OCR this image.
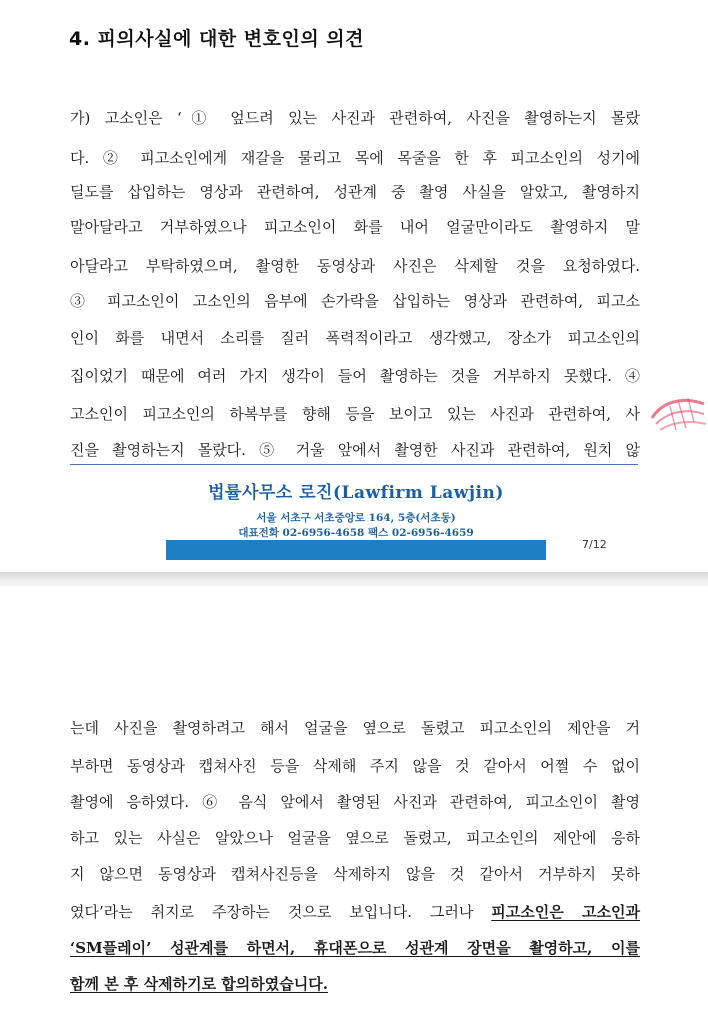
4. 피의사실에 대한 변호인의 의견
가) 고소인은 ‘① 엎드려 있는 사진과 관련하여, 사진을 촬영하는지 몰랐
다. ② 피고소인에게 재갈을 물리고 목에 목줄을 한 후 피고소인의 성기에
딜도를 삽입하는 영상과 관련하여, 성관계 중 촬영 사실을 알았고, 촬영하지
말아달라고 거부하였으나 피고소인이 화를 내어 얼굴만이라도 촬영하지 말
아달라고 부탁하였으며, 촬영한 동영상과 사진은 삭제할 것을 요청하였다.
③ 피고소인이 고소인의 음부에 손가락을 삽입하는 영상과 관련하여, 피고소
인이 화를 내면서 소리를 질러 폭력적이라고 생각했고, 장소가 피고소인의
집이었기 때문에 여러 가지 생각이 들어 촬영하는 것을 거부하지 못했다. ④
고소인이 피고소인의 하복부를 향해 등을 보이고 있는 사진과 관련하여, 사
진을 촬영하는지 몰랐다. ⑤ 거울 앞에서 촬영한 사진과 관련하여, 원치 않
법률사무소 로진(Lawfirm Lawjin)
서울 서초구 서초중앙로 164, 5층(서초동)
대표전화 02-6956-4658 팩스 02-6956-4659
7/12
는데 사진을 촬영하려고 해서 얼굴을 옆으로 돌렸고 피고소인의 제안을 거
부하면 동영상과 캡쳐사진 등을 삭제해 주지 않을 것 같아서 어쩔 수 없이
촬영에 응하였다. ⑥ 음식 앞에서 촬영된 사진과 관련하여, 피고소인이 촬영
하고 있는 사실은 알았으나 얼굴을 옆으로 돌렸고, 피고소인의 제안에 응하
지 않으면 동영상과 캡쳐사진등을 삭제하지 않을 것 같아서 거부하지 못하
였다’라는 취지로 주장하는 것으로 보입니다. 그러나 피고소인은 고소인과
‘SM플레이’ 성관계를 하면서, 휴대폰으로 성관계 장면을 촬영하고, 이를
함께 본 후 삭제하기로 합의하였습니다.
